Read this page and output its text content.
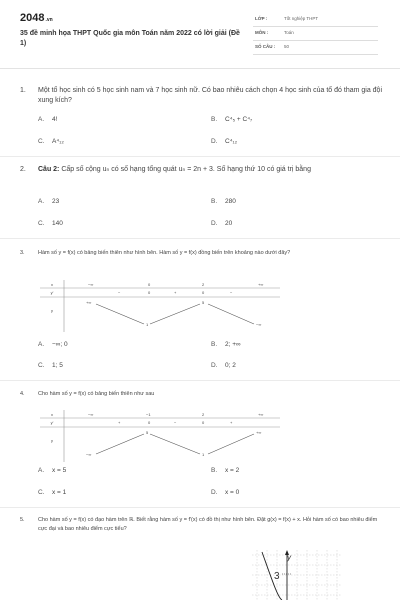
2048.vn
35 đề minh họa THPT Quốc gia môn Toán năm 2022 có lời giải (Đề 1)
LỚP :	Tốt nghiệp THPT
MÔN :	Toán
SỐ CÂU : 50
1.	Một tổ học sinh có 5 học sinh nam và 7 học sinh nữ. Có bao nhiêu cách chọn 4 học sinh của tổ đó tham gia đội xung kích?
A. 4!	B. C⁴₅ + C⁴₇
C. A⁴₁₂	D. C⁴₁₂
2.	Câu 2: Cấp số cộng uₙ có số hạng tổng quát uₙ = 2n + 3. Số hạng thứ 10 có giá trị bằng
A. 23	B. 280
C. 140	D. 20
3.	Hàm số y = f(x) có bảng biến thiên như hình bên. Hàm số y = f(x) đồng biến trên khoảng nào dưới đây?
x	−∞	0	2	+∞
y'	−	0	+	0	−
y
+∞
1
5
−∞
A. −∞; 0	B. 2; +∞
C. 1; 5	D. 0; 2
4.	Cho hàm số y = f(x) có bảng biến thiên như sau
x	−∞	−1	2	+∞
y'	+	0	−	0	+
y
−∞
5
1
+∞
A. x = 5	B. x = 2
C. x = 1	D. x = 0
5.	Cho hàm số y = f(x) có đạo hàm trên ℝ. Biết rằng hàm số y = f'(x) có đồ thị như hình bên. Đặt g(x) = f(x) + x. Hỏi hàm số có bao nhiêu điểm cực đại và bao nhiêu điểm cực tiểu?
y
3
